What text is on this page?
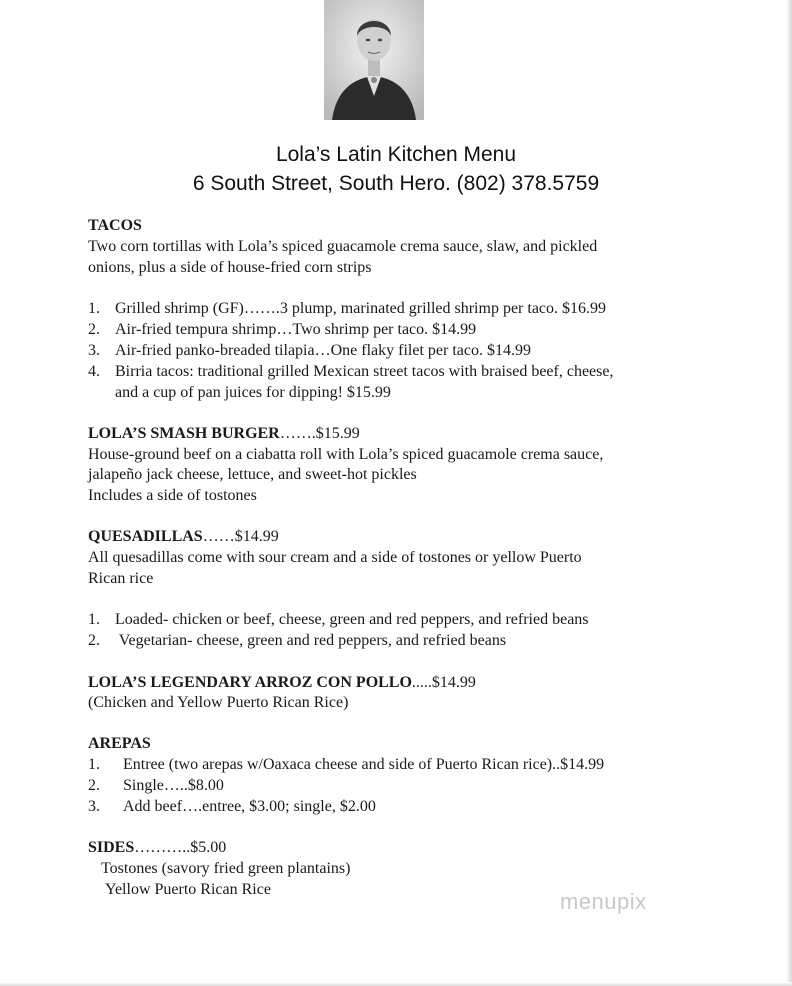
Lola’s Latin Kitchen Menu
6 South Street, South Hero. (802) 378.5759
TACOS
Two corn tortillas with Lola’s spiced guacamole crema sauce, slaw, and pickled
onions, plus a side of house-fried corn strips
1. Grilled shrimp (GF)…….3 plump, marinated grilled shrimp per taco. $16.99
2. Air-fried tempura shrimp…Two shrimp per taco. $14.99
3. Air-fried panko-breaded tilapia…One flaky filet per taco. $14.99
4. Birria tacos: traditional grilled Mexican street tacos with braised beef, cheese,
and a cup of pan juices for dipping! $15.99
LOLA’S SMASH BURGER…….$15.99
House-ground beef on a ciabatta roll with Lola’s spiced guacamole crema sauce,
jalapeño jack cheese, lettuce, and sweet-hot pickles
Includes a side of tostones
QUESADILLAS……$14.99
All quesadillas come with sour cream and a side of tostones or yellow Puerto
Rican rice
1. Loaded- chicken or beef, cheese, green and red peppers, and refried beans
2. Vegetarian- cheese, green and red peppers, and refried beans
LOLA’S LEGENDARY ARROZ CON POLLO.....$14.99
(Chicken and Yellow Puerto Rican Rice)
AREPAS
1. Entree (two arepas w/Oaxaca cheese and side of Puerto Rican rice)..$14.99
2. Single…..$8.00
3. Add beef….entree, $3.00; single, $2.00
SIDES………..$5.00
Tostones (savory fried green plantains)
Yellow Puerto Rican Rice	menupix
